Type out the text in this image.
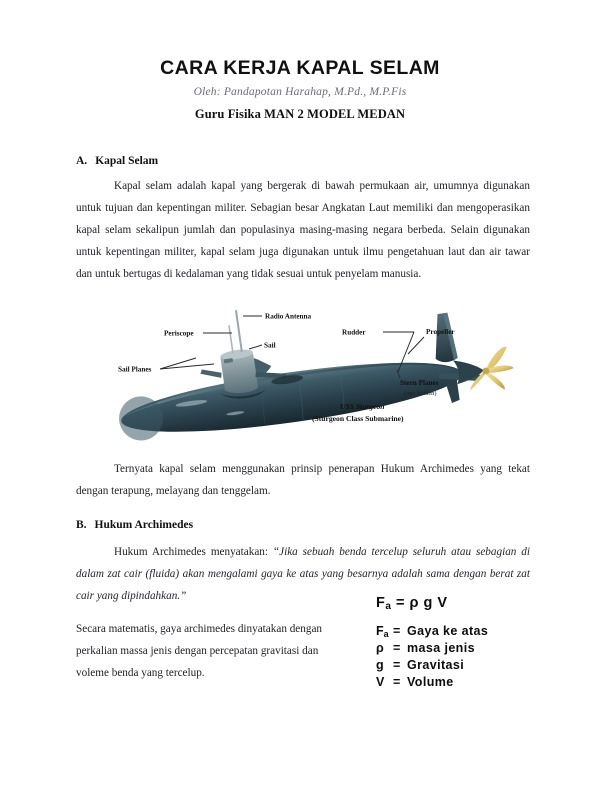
CARA KERJA KAPAL SELAM
Oleh: Pandapotan Harahap, M.Pd., M.P.Fis
Guru Fisika MAN 2 MODEL MEDAN
A. Kapal Selam

Kapal selam adalah kapal yang bergerak di bawah permukaan air, umumnya digunakan untuk tujuan dan kepentingan militer. Sebagian besar Angkatan Laut memiliki dan mengoperasikan kapal selam sekalipun jumlah dan populasinya masing-masing negara berbeda. Selain digunakan untuk kepentingan militer, kapal selam juga digunakan untuk ilmu pengetahuan laut dan air tawar dan untuk bertugas di kedalaman yang tidak sesuai untuk penyelam manusia.

Radio Antenna
Periscope
Sail
Sail Planes
Rudder	Propeller
Stern Planes
(one hidden)
USS Sturgeon
(Sturgeon Class Submarine)

Ternyata kapal selam menggunakan prinsip penerapan Hukum Archimedes yang tekat dengan terapung, melayang dan tenggelam.

B. Hukum Archimedes

Hukum Archimedes menyatakan: “Jika sebuah benda tercelup seluruh atau sebagian di dalam zat cair (fluida) akan mengalami gaya ke atas yang besarnya adalah sama dengan berat zat cair yang dipindahkan.”

Secara matematis, gaya archimedes dinyatakan dengan perkalian massa jenis dengan percepatan gravitasi dan voleme benda yang tercelup.

$F_a = \rho$ g V
$F_a$ = Gaya ke atas
ρ = masa jenis
g = Gravitasi
V = Volume
